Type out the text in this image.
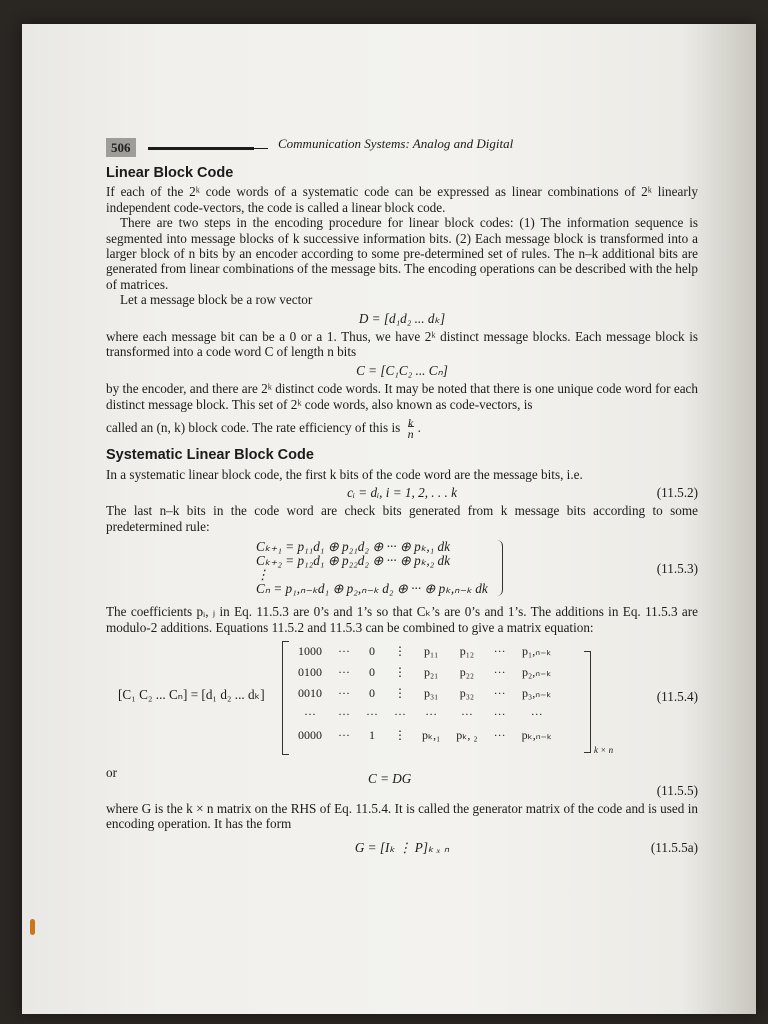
506	Communication Systems: Analog and Digital
Linear Block Code

If each of the 2ᵏ code words of a systematic code can be expressed as linear combinations of 2ᵏ linearly independent code-vectors, the code is called a linear block code.

There are two steps in the encoding procedure for linear block codes: (1) The information sequence is segmented into message blocks of k successive information bits. (2) Each message block is transformed into a larger block of n bits by an encoder according to some pre-determined set of rules. The n–k additional bits are generated from linear combinations of the message bits. The encoding operations can be described with the help of matrices.

Let a message block be a row vector

D = [d₁d₂ ... dₖ]

where each message bit can be a 0 or a 1. Thus, we have 2ᵏ distinct message blocks. Each message block is transformed into a code word C of length n bits

C = [C₁C₂ ... Cₙ]

by the encoder, and there are 2ᵏ distinct code words. It may be noted that there is one unique code word for each distinct message block. This set of 2ᵏ code words, also known as code-vectors, is

called an (n, k) block code. The rate efficiency of this is k
n .

Systematic Linear Block Code

In a systematic linear block code, the first k bits of the code word are the message bits, i.e.

cᵢ = dᵢ, i = 1, 2, . . . k	(11.5.2)

The last n–k bits in the code word are check bits generated from k message bits according to some predetermined rule:

Cₖ₊₁ = p₁₁d₁ ⊕ p₂₁d₂ ⊕ ··· ⊕ pₖ,₁ dk
Cₖ₊₂ = p₁₂d₁ ⊕ p₂₂d₂ ⊕ ··· ⊕ pₖ,₂ dk
⋮
Cₙ = p₁,ₙ₋ₖd₁ ⊕ p₂,ₙ₋ₖ d₂ ⊕ ··· ⊕ pₖ,ₙ₋ₖ dk
(11.5.3)

The coefficients pᵢ, ⱼ in Eq. 11.5.3 are 0’s and 1’s so that Cₖ’s are 0’s and 1’s. The additions in Eq. 11.5.3 are modulo-2 additions. Equations 11.5.2 and 11.5.3 can be combined to give a matrix equation:

[C₁ C₂ ... Cₙ] = [d₁ d₂ ... dₖ]
1000	···	0	⋮	p₁₁	p₁₂	···	p₁,ₙ₋ₖ
0100	···	0	⋮	p₂₁	p₂₂	···	p₂,ₙ₋ₖ
0010	···	0	⋮	p₃₁	p₃₂	···	p₃,ₙ₋ₖ
···	···	···	···	···	···	···	···
0000	···	1	⋮	pₖ,₁	pₖ, ₂	···	pₖ,ₙ₋ₖ
k × n
(11.5.4)
or	C = DG
(11.5.5)

where G is the k × n matrix on the RHS of Eq. 11.5.4. It is called the generator matrix of the code and is used in encoding operation. It has the form

G = [Iₖ ⋮ P]ₖ ₓ ₙ	(11.5.5a)
